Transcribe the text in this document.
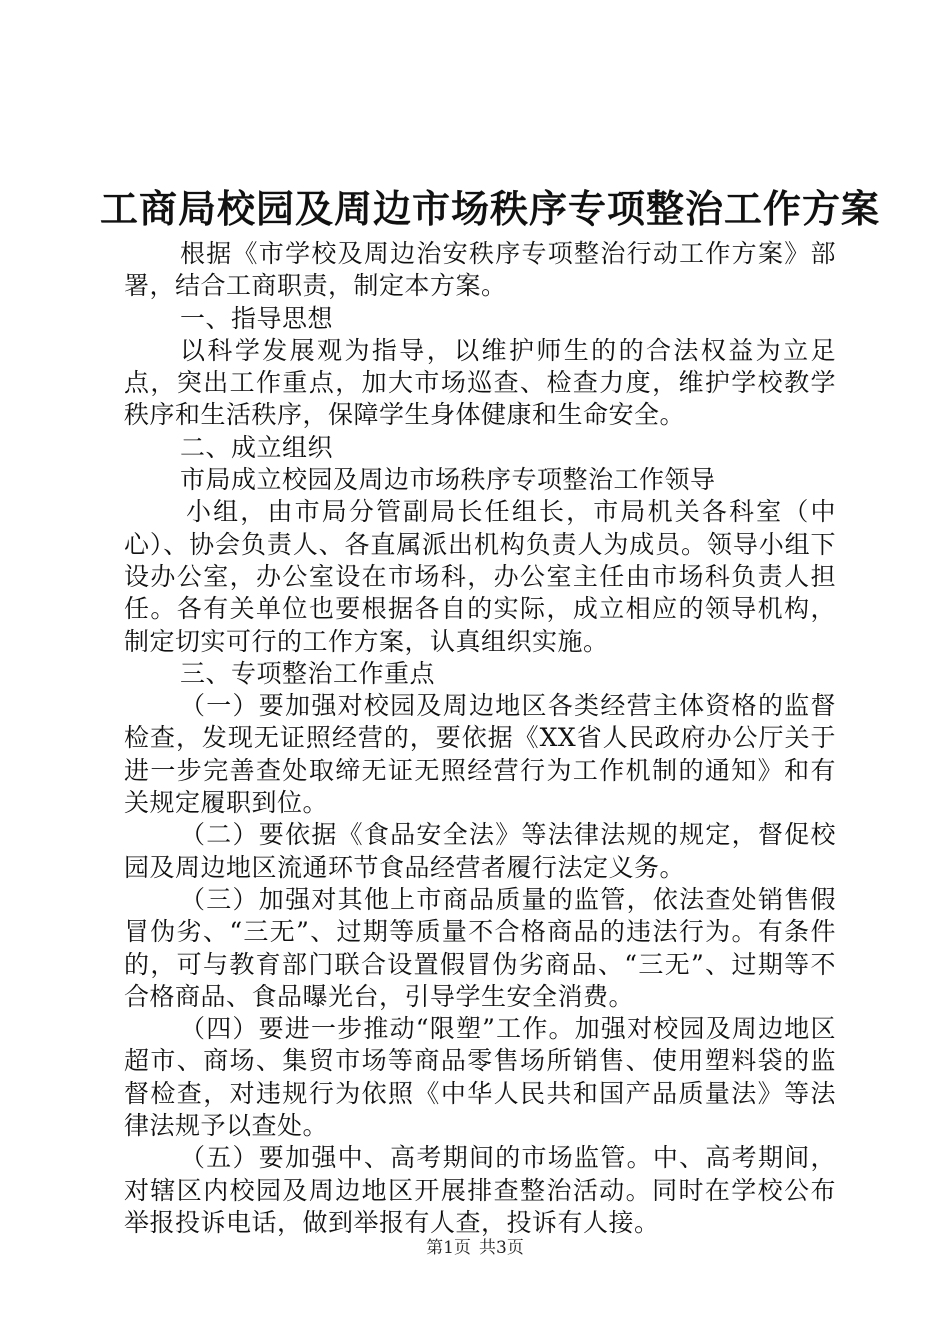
工商局校园及周边市场秩序专项整治工作方案

根据《市学校及周边治安秩序专项整治行动工作方案》部署，结合工商职责，制定本方案。

一、指导思想

以科学发展观为指导，以维护师生的的合法权益为立足点，突出工作重点，加大市场巡查、检查力度，维护学校教学秩序和生活秩序，保障学生身体健康和生命安全。

二、成立组织

市局成立校园及周边市场秩序专项整治工作领导

小组，由市局分管副局长任组长，市局机关各科室（中心）、协会负责人、各直属派出机构负责人为成员。领导小组下设办公室，办公室设在市场科，办公室主任由市场科负责人担任。各有关单位也要根据各自的实际，成立相应的领导机构，制定切实可行的工作方案，认真组织实施。

三、专项整治工作重点

（一）要加强对校园及周边地区各类经营主体资格的监督检查，发现无证照经营的，要依据《XX省人民政府办公厅关于进一步完善查处取缔无证无照经营行为工作机制的通知》和有关规定履职到位。

（二）要依据《食品安全法》等法律法规的规定，督促校园及周边地区流通环节食品经营者履行法定义务。

（三）加强对其他上市商品质量的监管，依法查处销售假冒伪劣、“三无”、过期等质量不合格商品的违法行为。有条件的，可与教育部门联合设置假冒伪劣商品、“三无”、过期等不合格商品、食品曝光台，引导学生安全消费。

（四）要进一步推动“限塑”工作。加强对校园及周边地区超市、商场、集贸市场等商品零售场所销售、使用塑料袋的监督检查，对违规行为依照《中华人民共和国产品质量法》等法律法规予以查处。

（五）要加强中、高考期间的市场监管。中、高考期间，对辖区内校园及周边地区开展排查整治活动。同时在学校公布举报投诉电话，做到举报有人查，投诉有人接。

第1页 共3页
